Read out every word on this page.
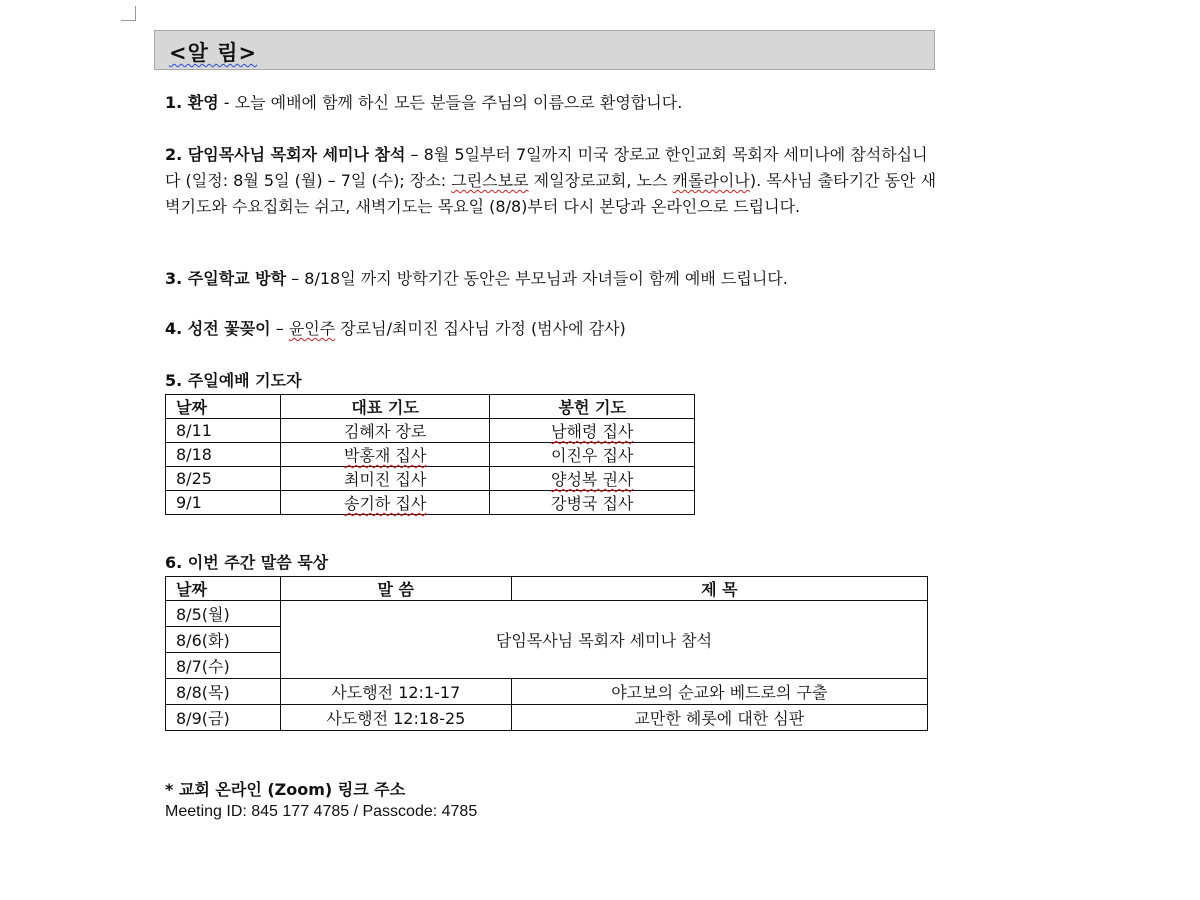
<알 림>
1. 환영 - 오늘 예배에 함께 하신 모든 분들을 주님의 이름으로 환영합니다.
2. 담임목사님 목회자 세미나 참석 – 8월 5일부터 7일까지 미국 장로교 한인교회 목회자 세미나에 참석하십니다 (일정: 8월 5일 (월) – 7일 (수); 장소: 그린스보로 제일장로교회, 노스 캐롤라이나). 목사님 출타기간 동안 새벽기도와 수요집회는 쉬고, 새벽기도는 목요일 (8/8)부터 다시 본당과 온라인으로 드립니다.
3. 주일학교 방학 – 8/18일 까지 방학기간 동안은 부모님과 자녀들이 함께 예배 드립니다.
4. 성전 꽃꽂이 – 윤인주 장로님/최미진 집사님 가정 (범사에 감사)
5. 주일예배 기도자
날짜	대표 기도	봉헌 기도
8/11	김혜자 장로	남해령 집사
8/18	박홍재 집사	이진우 집사
8/25	최미진 집사	양성복 권사
9/1	송기하 집사	강병국 집사
6. 이번 주간 말씀 묵상
날짜	말 씀	제 목
8/5(월)	담임목사님 목회자 세미나 참석	
8/6(화)		
8/7(수)		
8/8(목)	사도행전 12:1-17	야고보의 순교와 베드로의 구출
8/9(금)	사도행전 12:18-25	교만한 헤롯에 대한 심판
* 교회 온라인 (Zoom) 링크 주소
Meeting ID: 845 177 4785 / Passcode: 4785
